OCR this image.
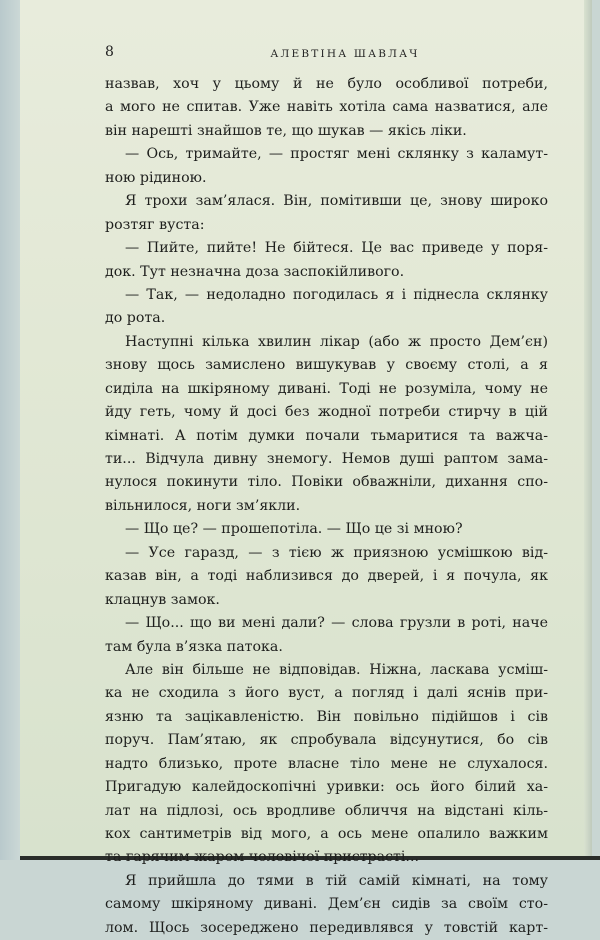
8	АЛЕВТІНА ШАВЛАЧ
назвав, хоч у цьому й не було особливої потреби,
а мого не спитав. Уже навіть хотіла сама назватися, але
він нарешті знайшов те, що шукав — якісь ліки.
— Ось, тримайте, — простяг мені склянку з каламут-
ною рідиною.
Я трохи зам’ялася. Він, помітивши це, знову широко
розтяг вуста:
— Пийте, пийте! Не бійтеся. Це вас приведе у поря-
док. Тут незначна доза заспокійливого.
— Так, — недоладно погодилась я і піднесла склянку
до рота.
Наступні кілька хвилин лікар (або ж просто Дем’єн)
знову щось замислено вишукував у своєму столі, а я
сиділа на шкіряному дивані. Тоді не розуміла, чому не
йду геть, чому й досі без жодної потреби стирчу в цій
кімнаті. А потім думки почали тьмаритися та важча-
ти... Відчула дивну знемогу. Немов душі раптом зама-
нулося покинути тіло. Повіки обважніли, дихання спо-
вільнилося, ноги зм’якли.
— Що це? — прошепотіла. — Що це зі мною?
— Усе гаразд, — з тією ж приязною усмішкою від-
казав він, а тоді наблизився до дверей, і я почула, як
клацнув замок.
— Що... що ви мені дали? — слова грузли в роті, наче
там була в’язка патока.
Але він більше не відповідав. Ніжна, ласкава усміш-
ка не сходила з його вуст, а погляд і далі яснів при-
язню та зацікавленістю. Він повільно підійшов і сів
поруч. Пам’ятаю, як спробувала відсунутися, бо сів
надто близько, проте власне тіло мене не слухалося.
Пригадую калейдоскопічні уривки: ось його білий ха-
лат на підлозі, ось вродливе обличчя на відстані кіль-
кох сантиметрів від мого, а ось мене опалило важким
та гарячим жаром чоловічої пристрасті...
Я прийшла до тями в тій самій кімнаті, на тому
самому шкіряному дивані. Дем’єн сидів за своїм сто-
лом. Щось зосереджено передивлявся у товстій карт-
